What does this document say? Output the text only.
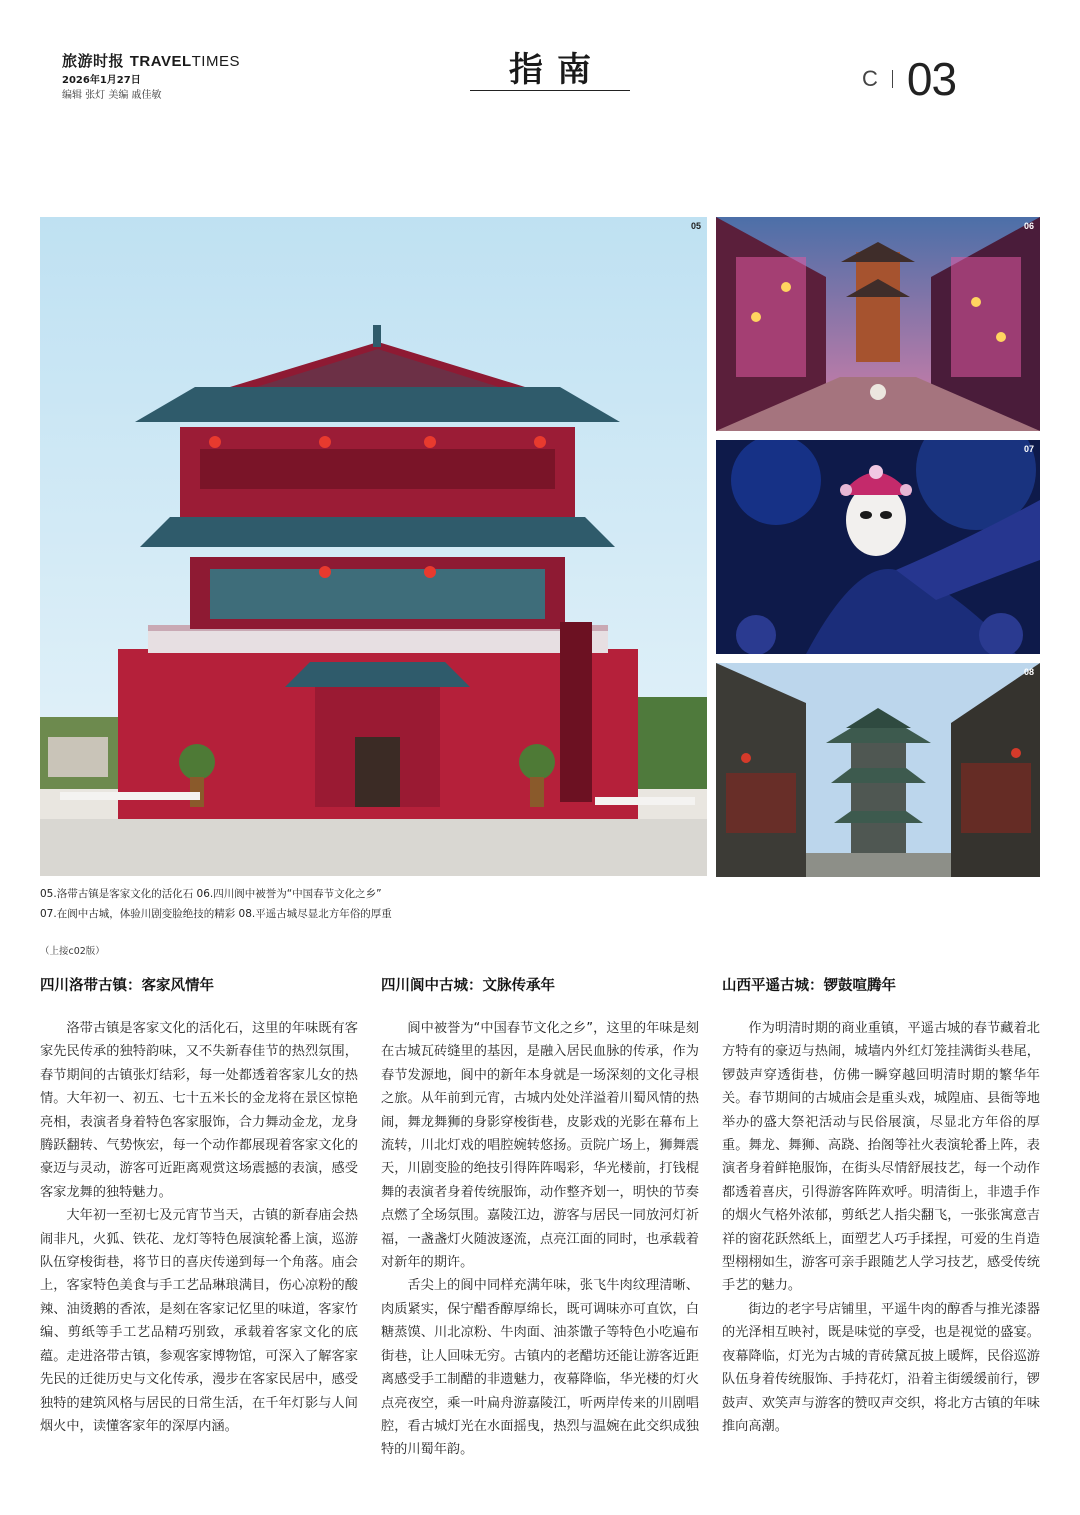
旅游时报 TRAVELTIMES
2026年1月27日
编辑 张灯 美编 戚佳敏
指南	C 03
05	06
07
08
05.洛带古镇是客家文化的活化石 06.四川阆中被誉为“中国春节文化之乡”
07.在阆中古城，体验川剧变脸绝技的精彩 08.平遥古城尽显北方年俗的厚重
（上接c02版）
四川洛带古镇：客家风情年

洛带古镇是客家文化的活化石，这里的年味既有客家先民传承的独特韵味，又不失新春佳节的热烈氛围，春节期间的古镇张灯结彩，每一处都透着客家儿女的热情。大年初一、初五、七十五米长的金龙将在景区惊艳亮相，表演者身着特色客家服饰，合力舞动金龙，龙身腾跃翻转、气势恢宏，每一个动作都展现着客家文化的豪迈与灵动，游客可近距离观赏这场震撼的表演，感受客家龙舞的独特魅力。

大年初一至初七及元宵节当天，古镇的新春庙会热闹非凡，火狐、铁花、龙灯等特色展演轮番上演，巡游队伍穿梭街巷，将节日的喜庆传递到每一个角落。庙会上，客家特色美食与手工艺品琳琅满目，伤心凉粉的酸辣、油烫鹅的香浓，是刻在客家记忆里的味道，客家竹编、剪纸等手工艺品精巧别致，承载着客家文化的底蕴。走进洛带古镇，参观客家博物馆，可深入了解客家先民的迁徙历史与文化传承，漫步在客家民居中，感受独特的建筑风格与居民的日常生活，在千年灯影与人间烟火中，读懂客家年的深厚内涵。

四川阆中古城：文脉传承年

阆中被誉为“中国春节文化之乡”，这里的年味是刻在古城瓦砖缝里的基因，是融入居民血脉的传承，作为春节发源地，阆中的新年本身就是一场深刻的文化寻根之旅。从年前到元宵，古城内处处洋溢着川蜀风情的热闹，舞龙舞狮的身影穿梭街巷，皮影戏的光影在幕布上流转，川北灯戏的唱腔婉转悠扬。贡院广场上，狮舞震天，川剧变脸的绝技引得阵阵喝彩，华光楼前，打钱棍舞的表演者身着传统服饰，动作整齐划一，明快的节奏点燃了全场氛围。嘉陵江边，游客与居民一同放河灯祈福，一盏盏灯火随波逐流，点亮江面的同时，也承载着对新年的期许。

舌尖上的阆中同样充满年味，张飞牛肉纹理清晰、肉质紧实，保宁醋香醇厚绵长，既可调味亦可直饮，白糖蒸馍、川北凉粉、牛肉面、油茶馓子等特色小吃遍布街巷，让人回味无穷。古镇内的老醋坊还能让游客近距离感受手工制醋的非遗魅力，夜幕降临，华光楼的灯火点亮夜空，乘一叶扁舟游嘉陵江，听两岸传来的川剧唱腔，看古城灯光在水面摇曳，热烈与温婉在此交织成独特的川蜀年韵。

山西平遥古城：锣鼓喧腾年

作为明清时期的商业重镇，平遥古城的春节藏着北方特有的豪迈与热闹，城墙内外红灯笼挂满街头巷尾，锣鼓声穿透街巷，仿佛一瞬穿越回明清时期的繁华年关。春节期间的古城庙会是重头戏，城隍庙、县衙等地举办的盛大祭祀活动与民俗展演，尽显北方年俗的厚重。舞龙、舞狮、高跷、抬阁等社火表演轮番上阵，表演者身着鲜艳服饰，在街头尽情舒展技艺，每一个动作都透着喜庆，引得游客阵阵欢呼。明清街上，非遗手作的烟火气格外浓郁，剪纸艺人指尖翻飞，一张张寓意吉祥的窗花跃然纸上，面塑艺人巧手揉捏，可爱的生肖造型栩栩如生，游客可亲手跟随艺人学习技艺，感受传统手艺的魅力。

街边的老字号店铺里，平遥牛肉的醇香与推光漆器的光泽相互映衬，既是味觉的享受，也是视觉的盛宴。夜幕降临，灯光为古城的青砖黛瓦披上暖辉，民俗巡游队伍身着传统服饰、手持花灯，沿着主街缓缓前行，锣鼓声、欢笑声与游客的赞叹声交织，将北方古镇的年味推向高潮。
